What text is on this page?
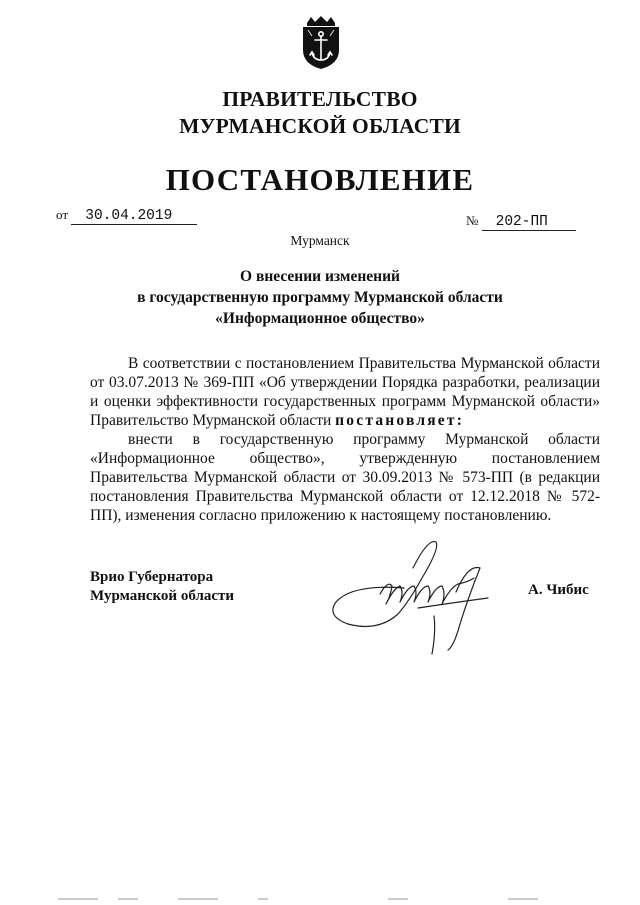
ПРАВИТЕЛЬСТВО
МУРМАНСКОЙ ОБЛАСТИ
ПОСТАНОВЛЕНИЕ
от 30.04.2019	№ 202-ПП
Мурманск
О внесении изменений
в государственную программу Мурманской области
«Информационное общество»
В соответствии с постановлением Правительства Мурманской области от 03.07.2013 № 369-ПП «Об утверждении Порядка разработки, реализации и оценки эффективности государственных программ Мурманской области» Правительство Мурманской области постановляет:
внести в государственную программу Мурманской области «Информационное общество», утвержденную постановлением Правительства Мурманской области от 30.09.2013 № 573-ПП (в редакции постановления Правительства Мурманской области от 12.12.2018 № 572-ПП), изменения согласно приложению к настоящему постановлению.
Врио Губернатора
Мурманской области	А. Чибис
